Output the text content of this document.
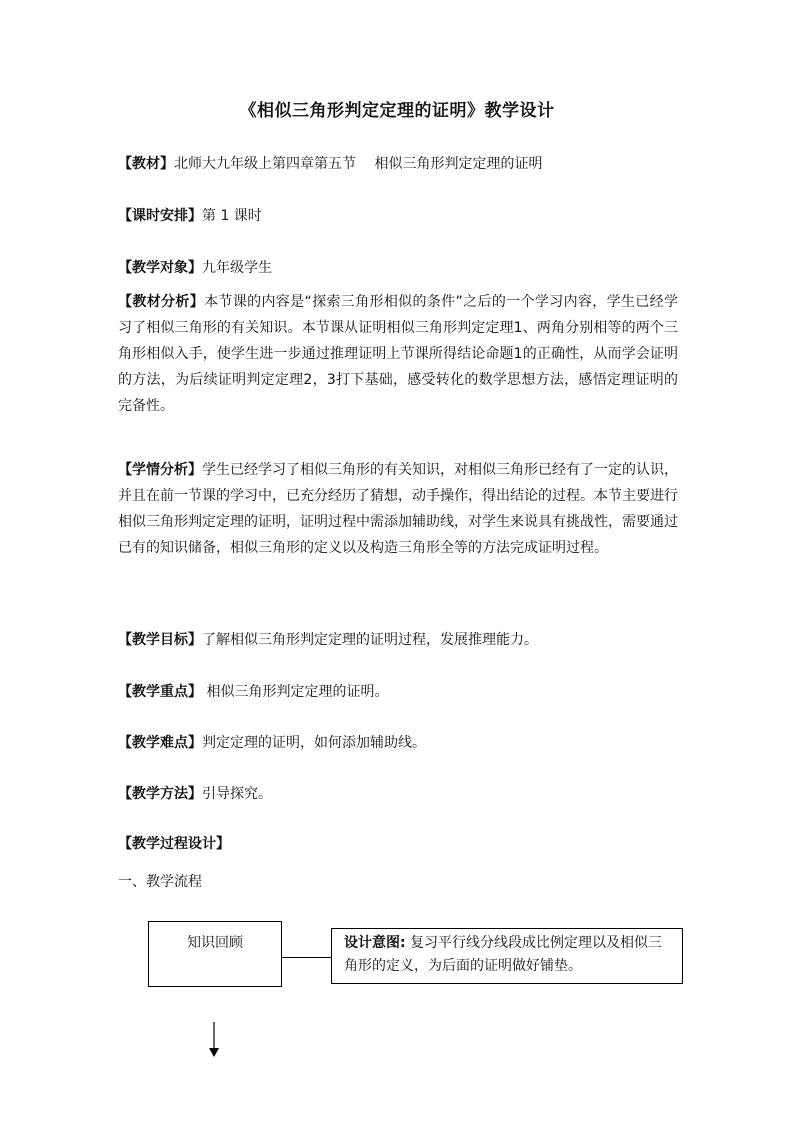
《相似三角形判定定理的证明》教学设计
【教材】北师大九年级上第四章第五节　 相似三角形判定定理的证明
【课时安排】第 1 课时
【教学对象】九年级学生
【教材分析】本节课的内容是“探索三角形相似的条件”之后的一个学习内容，学生已经学习了相似三角形的有关知识。本节课从证明相似三角形判定定理1、两角分别相等的两个三角形相似入手，使学生进一步通过推理证明上节课所得结论命题1的正确性，从而学会证明的方法，为后续证明判定定理2，3打下基础，感受转化的数学思想方法，感悟定理证明的完备性。
【学情分析】学生已经学习了相似三角形的有关知识，对相似三角形已经有了一定的认识，并且在前一节课的学习中，已充分经历了猜想，动手操作，得出结论的过程。本节主要进行相似三角形判定定理的证明，证明过程中需添加辅助线，对学生来说具有挑战性，需要通过已有的知识储备，相似三角形的定义以及构造三角形全等的方法完成证明过程。
【教学目标】了解相似三角形判定定理的证明过程，发展推理能力。
【教学重点】 相似三角形判定定理的证明。
【教学难点】判定定理的证明，如何添加辅助线。
【教学方法】引导探究。
【教学过程设计】
一、教学流程
知识回顾	设计意图: 复习平行线分线段成比例定理以及相似三角形的定义，为后面的证明做好铺垫。
